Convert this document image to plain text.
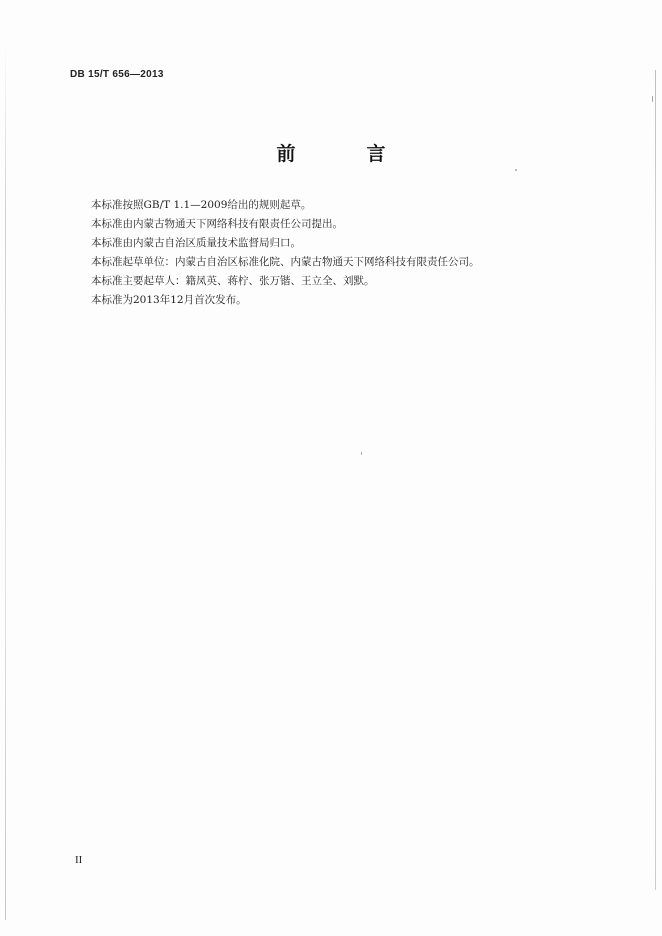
DB 15/T 656—2013
前　言
本标准按照GB/T 1.1—2009给出的规则起草。
本标准由内蒙古物通天下网络科技有限责任公司提出。
本标准由内蒙古自治区质量技术监督局归口。
本标准起草单位：内蒙古自治区标准化院、内蒙古物通天下网络科技有限责任公司。
本标准主要起草人：籍凤英、蒋柠、张万锴、王立全、刘默。
本标准为2013年12月首次发布。
II
